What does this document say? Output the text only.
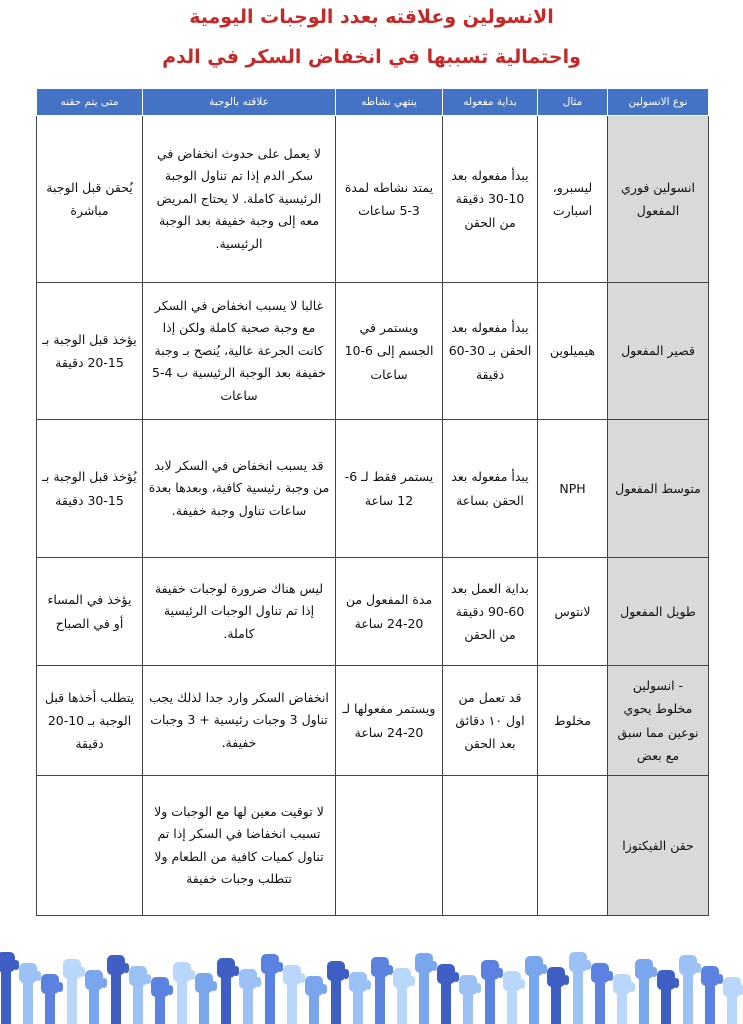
الانسولين وعلاقته بعدد الوجبات اليومية
واحتمالية تسببها في انخفاض السكر في الدم
نوع الانسولين	مثال	بداية مفعوله	ينتهي نشاطه	علاقته بالوجبة	متى يتم حقنه
انسولين فوري المفعول	ليسبرو، اسبارت	يبدأ مفعوله بعد 10-30 دقيقة من الحقن	يمتد نشاطه لمدة 3-5 ساعات	لا يعمل على حدوث انخفاض في سكر الدم إذا تم تناول الوجبة الرئيسية كاملة. لا يحتاج المريض معه إلى وجبة خفيفة بعد الوجبة الرئيسية.	يُحقن قبل الوجبة مباشرة
قصير المفعول	هيميلوين	يبدأ مفعوله بعد الحقن بـ 30-60 دقيقة	ويستمر في الجسم إلى 6-10 ساعات	غالبا لا يسبب انخفاض في السكر مع وجبة صحية كاملة ولكن إذا كانت الجرعة عالية، يُنصح بـ وجبة خفيفة بعد الوجبة الرئيسية ب 4-5 ساعات	يؤخذ قبل الوجبة بـ 15-20 دقيقة
متوسط المفعول	NPH	يبدأ مفعوله بعد الحقن بساعة	يستمر فقط لـ 6-12 ساعة	قد يسبب انخفاض في السكر لابد من وجبة رئيسية كافية، وبعدها بعدة ساعات تناول وجبة خفيفة.	يُؤخذ قبل الوجبة بـ 15-30 دقيقة
طويل المفعول	لانتوس	بداية العمل بعد 60-90 دقيقة من الحقن	مدة المفعول من 20-24 ساعة	ليس هناك ضرورة لوجبات خفيفة إذا تم تناول الوجبات الرئيسية كاملة.	يؤخذ في المساء أو في الصباح
- انسولين مخلوط يحوي نوعين مما سبق مع بعض	مخلوط	قد تعمل من اول ١٠ دقائق بعد الحقن	ويستمر مفعولها لـ 20-24 ساعة	انخفاض السكر وارد جدا لذلك يجب تناول 3 وجبات رئيسية + 3 وجبات خفيفة.	يتطلب أخذها قبل الوجبة بـ 10-20 دقيقة
حقن الفيكتوزا				لا توقيت معين لها مع الوجبات ولا تسبب انخفاضا في السكر إذا تم تناول كميات كافية من الطعام ولا تتطلب وجبات خفيفة	
